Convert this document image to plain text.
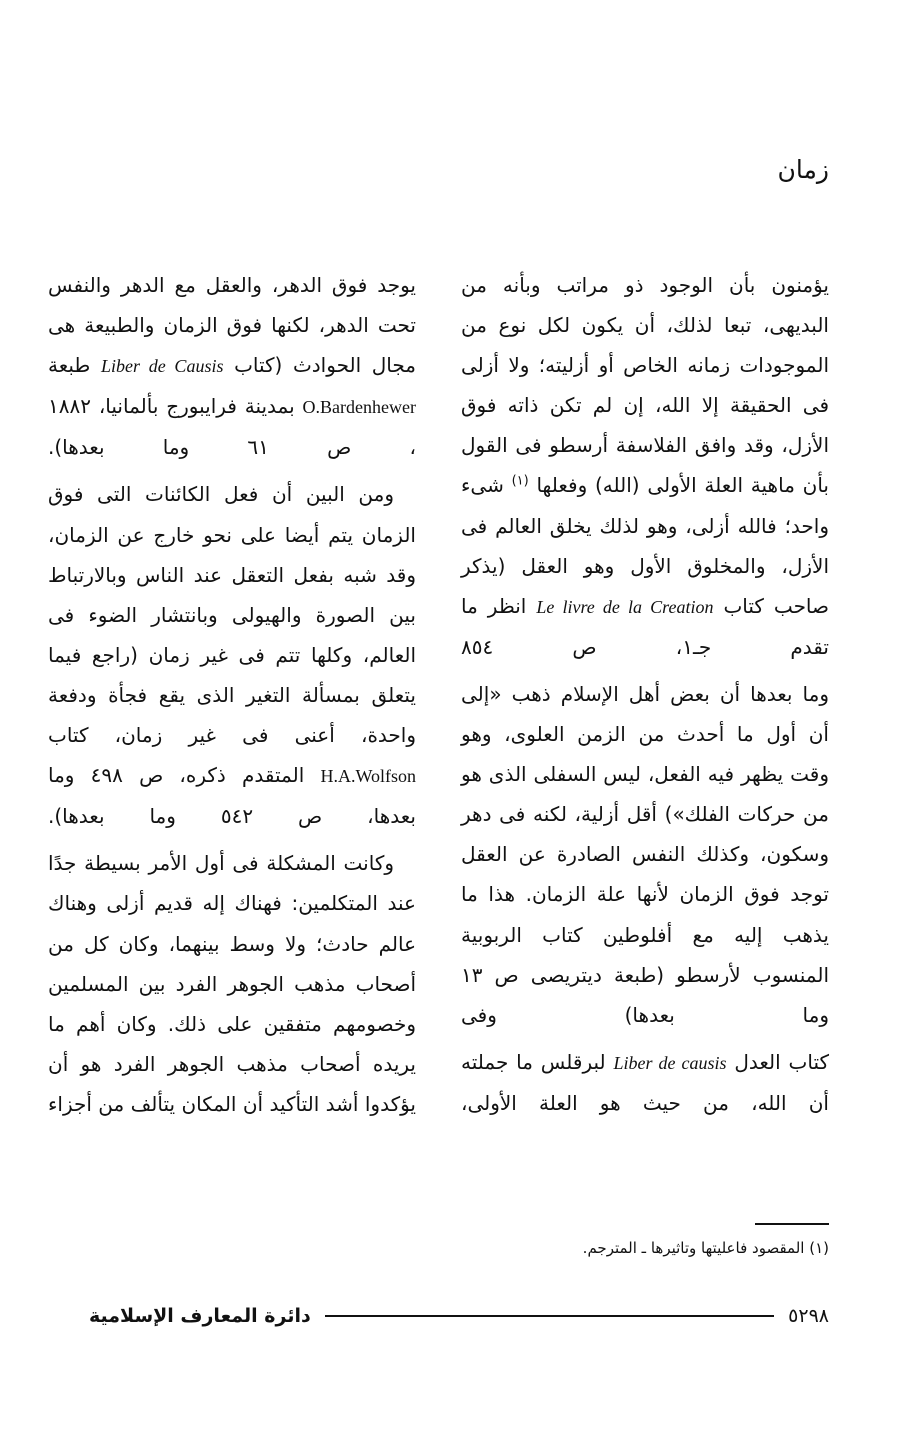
زمان

يؤمنون بأن الوجود ذو مراتب وبأنه من البديهى، تبعا لذلك، أن يكون لكل نوع من الموجودات زمانه الخاص أو أزليته؛ ولا أزلى فى الحقيقة إلا الله، إن لم تكن ذاته فوق الأزل، وقد وافق الفلاسفة أرسطو فى القول بأن ماهية العلة الأولى (الله) وفعلها $^{(١)}$ شىء واحد؛ فالله أزلى، وهو لذلك يخلق العالم فى الأزل، والمخلوق الأول وهو العقل (يذكر صاحب كتاب Le livre de la Creation انظر ما تقدم جـ١، ص ٨٥٤

وما بعدها أن بعض أهل الإسلام ذهب «إلى أن أول ما أحدث من الزمن العلوى، وهو وقت يظهر فيه الفعل، ليس السفلى الذى هو من حركات الفلك») أقل أزلية، لكنه فى دهر وسكون، وكذلك النفس الصادرة عن العقل توجد فوق الزمان لأنها علة الزمان. هذا ما يذهب إليه مع أفلوطين كتاب الربوبية المنسوب لأرسطو (طبعة ديتريصى ص ١٣ وما بعدها) وفى

كتاب العدل Liber de causis لبرقلس ما جملته أن الله، من حيث هو العلة الأولى،

يوجد فوق الدهر، والعقل مع الدهر والنفس تحت الدهر، لكنها فوق الزمان والطبيعة هى مجال الحوادث (كتاب Liber de Causis طبعة O.Bardenhewer بمدينة فرايبورج بألمانيا، ١٨٨٢ ، ص ٦١ وما بعدها).

ومن البين أن فعل الكائنات التى فوق الزمان يتم أيضا على نحو خارج عن الزمان، وقد شبه بفعل التعقل عند الناس وبالارتباط بين الصورة والهيولى وبانتشار الضوء فى العالم، وكلها تتم فى غير زمان (راجع فيما يتعلق بمسألة التغير الذى يقع فجأة ودفعة واحدة، أعنى فى غير زمان، كتاب H.A.Wolfson المتقدم ذكره، ص ٤٩٨ وما بعدها، ص ٥٤٢ وما بعدها).

وكانت المشكلة فى أول الأمر بسيطة جدًا عند المتكلمين: فهناك إله قديم أزلى وهناك عالم حادث؛ ولا وسط بينهما، وكان كل من أصحاب مذهب الجوهر الفرد بين المسلمين وخصومهم متفقين على ذلك. وكان أهم ما يريده أصحاب مذهب الجوهر الفرد هو أن يؤكدوا أشد التأكيد أن المكان يتألف من أجزاء

(١) المقصود فاعليتها وتاثيرها ـ المترجم.
٥٢٩٨
دائرة المعارف الإسلامية
